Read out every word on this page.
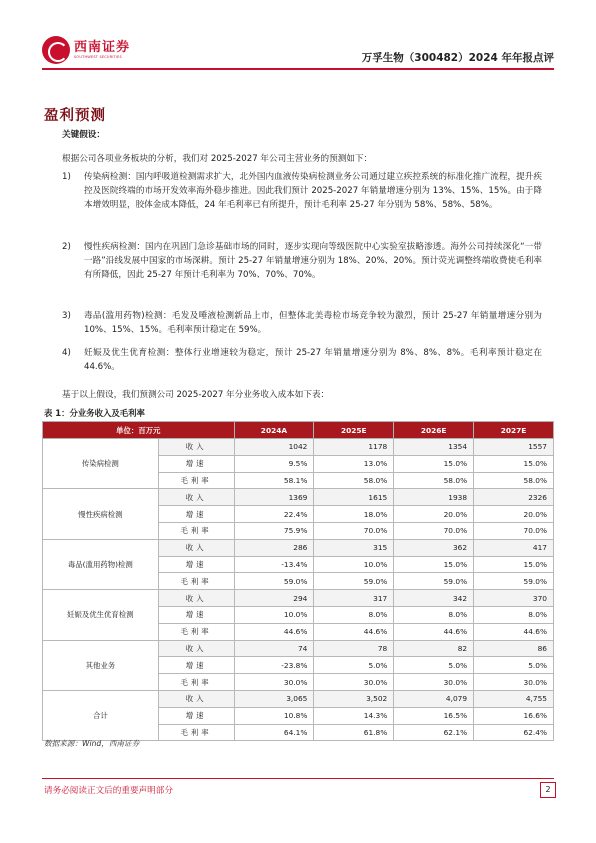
西南证券
SOUTHWEST SECURITIES	万孚生物（300482）2024 年年报点评
盈利预测
关键假设：
根据公司各项业务板块的分析，我们对 2025-2027 年公司主营业务的预测如下：
1)	传染病检测：国内呼吸道检测需求扩大，北外国内血液传染病检测业务公司通过建立疾控系统的标准化推广流程，提升疾控及医院终端的市场开发效率海外稳步推进。因此我们预计 2025-2027 年销量增速分别为 13%、15%、15%。由于降本增效明显，胶体金成本降低，24 年毛利率已有所提升，预计毛利率 25-27 年分别为 58%、58%、58%。
2)	慢性疾病检测：国内在巩固门急诊基础市场的同时，逐步实现向等级医院中心实验室拔略渗透。海外公司持续深化“一带一路”沿线发展中国家的市场深耕。预计 25-27 年销量增速分别为 18%、20%、20%。预计荧光调整终端收费使毛利率有所降低，因此 25-27 年预计毛利率为 70%、70%、70%。
3)	毒品(滥用药物)检测：毛发及唾液检测新品上市，但整体北美毒检市场竞争较为激烈，预计 25-27 年销量增速分别为 10%、15%、15%。毛利率预计稳定在 59%。
4)	妊娠及优生优育检测：整体行业增速较为稳定，预计 25-27 年销量增速分别为 8%、8%、8%。毛利率预计稳定在 44.6%。
基于以上假设，我们预测公司 2025-2027 年分业务收入成本如下表：
表 1：分业务收入及毛利率
单位：百万元		2024A	2025E	2026E	2027E
传染病检测	收入	1042	1178	1354	1557
	增速	9.5%	13.0%	15.0%	15.0%
	毛利率	58.1%	58.0%	58.0%	58.0%
慢性疾病检测	收入	1369	1615	1938	2326
	增速	22.4%	18.0%	20.0%	20.0%
	毛利率	75.9%	70.0%	70.0%	70.0%
毒品(滥用药物)检测	收入	286	315	362	417
	增速	-13.4%	10.0%	15.0%	15.0%
	毛利率	59.0%	59.0%	59.0%	59.0%
妊娠及优生优育检测	收入	294	317	342	370
	增速	10.0%	8.0%	8.0%	8.0%
	毛利率	44.6%	44.6%	44.6%	44.6%
其他业务	收入	74	78	82	86
	增速	-23.8%	5.0%	5.0%	5.0%
	毛利率	30.0%	30.0%	30.0%	30.0%
合计	收入	3,065	3,502	4,079	4,755
	增速	10.8%	14.3%	16.5%	16.6%
	毛利率	64.1%	61.8%	62.1%	62.4%
数据来源：Wind，西南证券
请务必阅读正文后的重要声明部分	2
